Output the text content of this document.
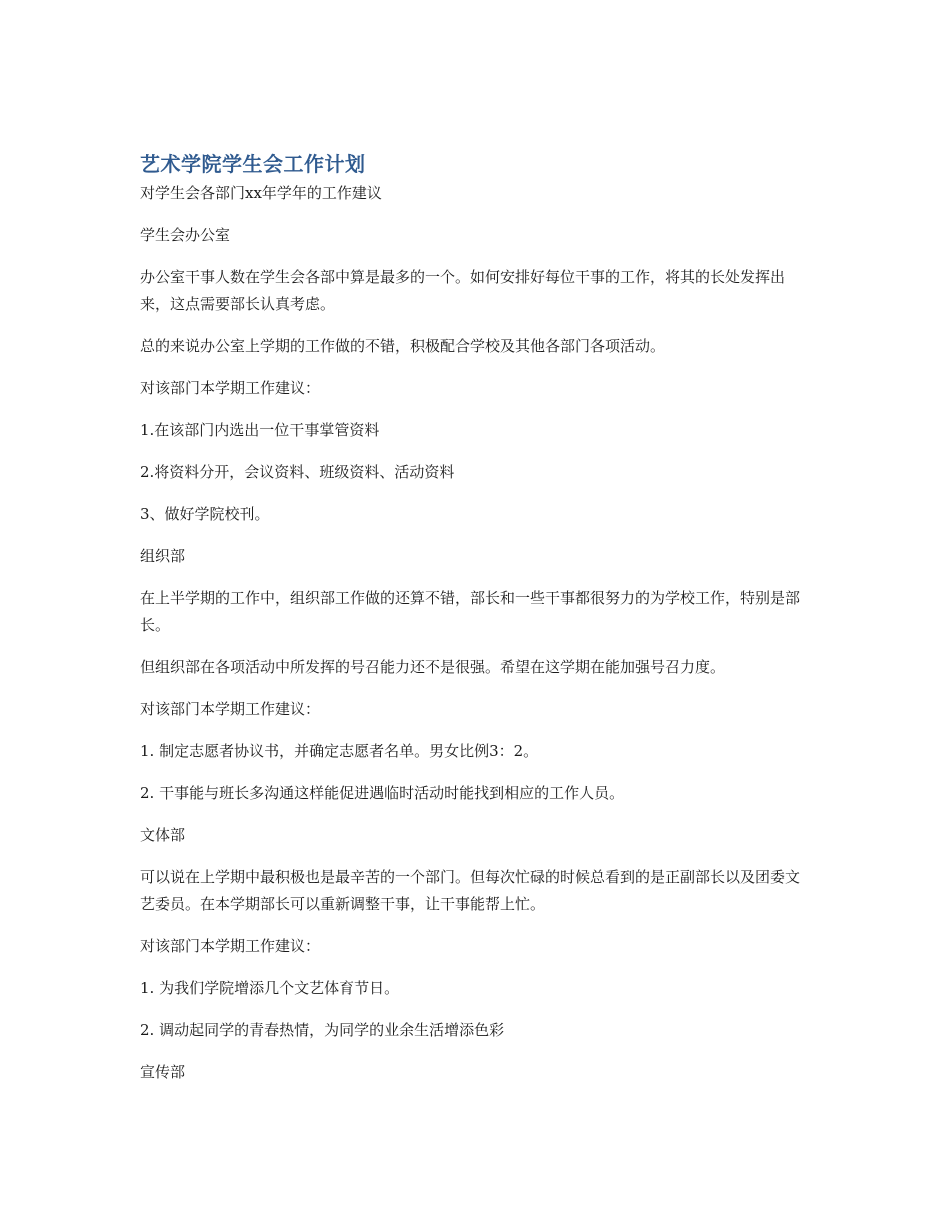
艺术学院学生会工作计划

对学生会各部门xx年学年的工作建议

学生会办公室

办公室干事人数在学生会各部中算是最多的一个。如何安排好每位干事的工作，将其的长处发挥出来，这点需要部长认真考虑。

总的来说办公室上学期的工作做的不错，积极配合学校及其他各部门各项活动。

对该部门本学期工作建议：

1.在该部门内选出一位干事掌管资料

2.将资料分开，会议资料、班级资料、活动资料

3、做好学院校刊。

组织部

在上半学期的工作中，组织部工作做的还算不错，部长和一些干事都很努力的为学校工作，特别是部长。

但组织部在各项活动中所发挥的号召能力还不是很强。希望在这学期在能加强号召力度。

对该部门本学期工作建议：

1. 制定志愿者协议书，并确定志愿者名单。男女比例3：2。

2. 干事能与班长多沟通这样能促进遇临时活动时能找到相应的工作人员。

文体部

可以说在上学期中最积极也是最辛苦的一个部门。但每次忙碌的时候总看到的是正副部长以及团委文艺委员。在本学期部长可以重新调整干事，让干事能帮上忙。

对该部门本学期工作建议：

1. 为我们学院增添几个文艺体育节日。

2. 调动起同学的青春热情，为同学的业余生活增添色彩

宣传部
